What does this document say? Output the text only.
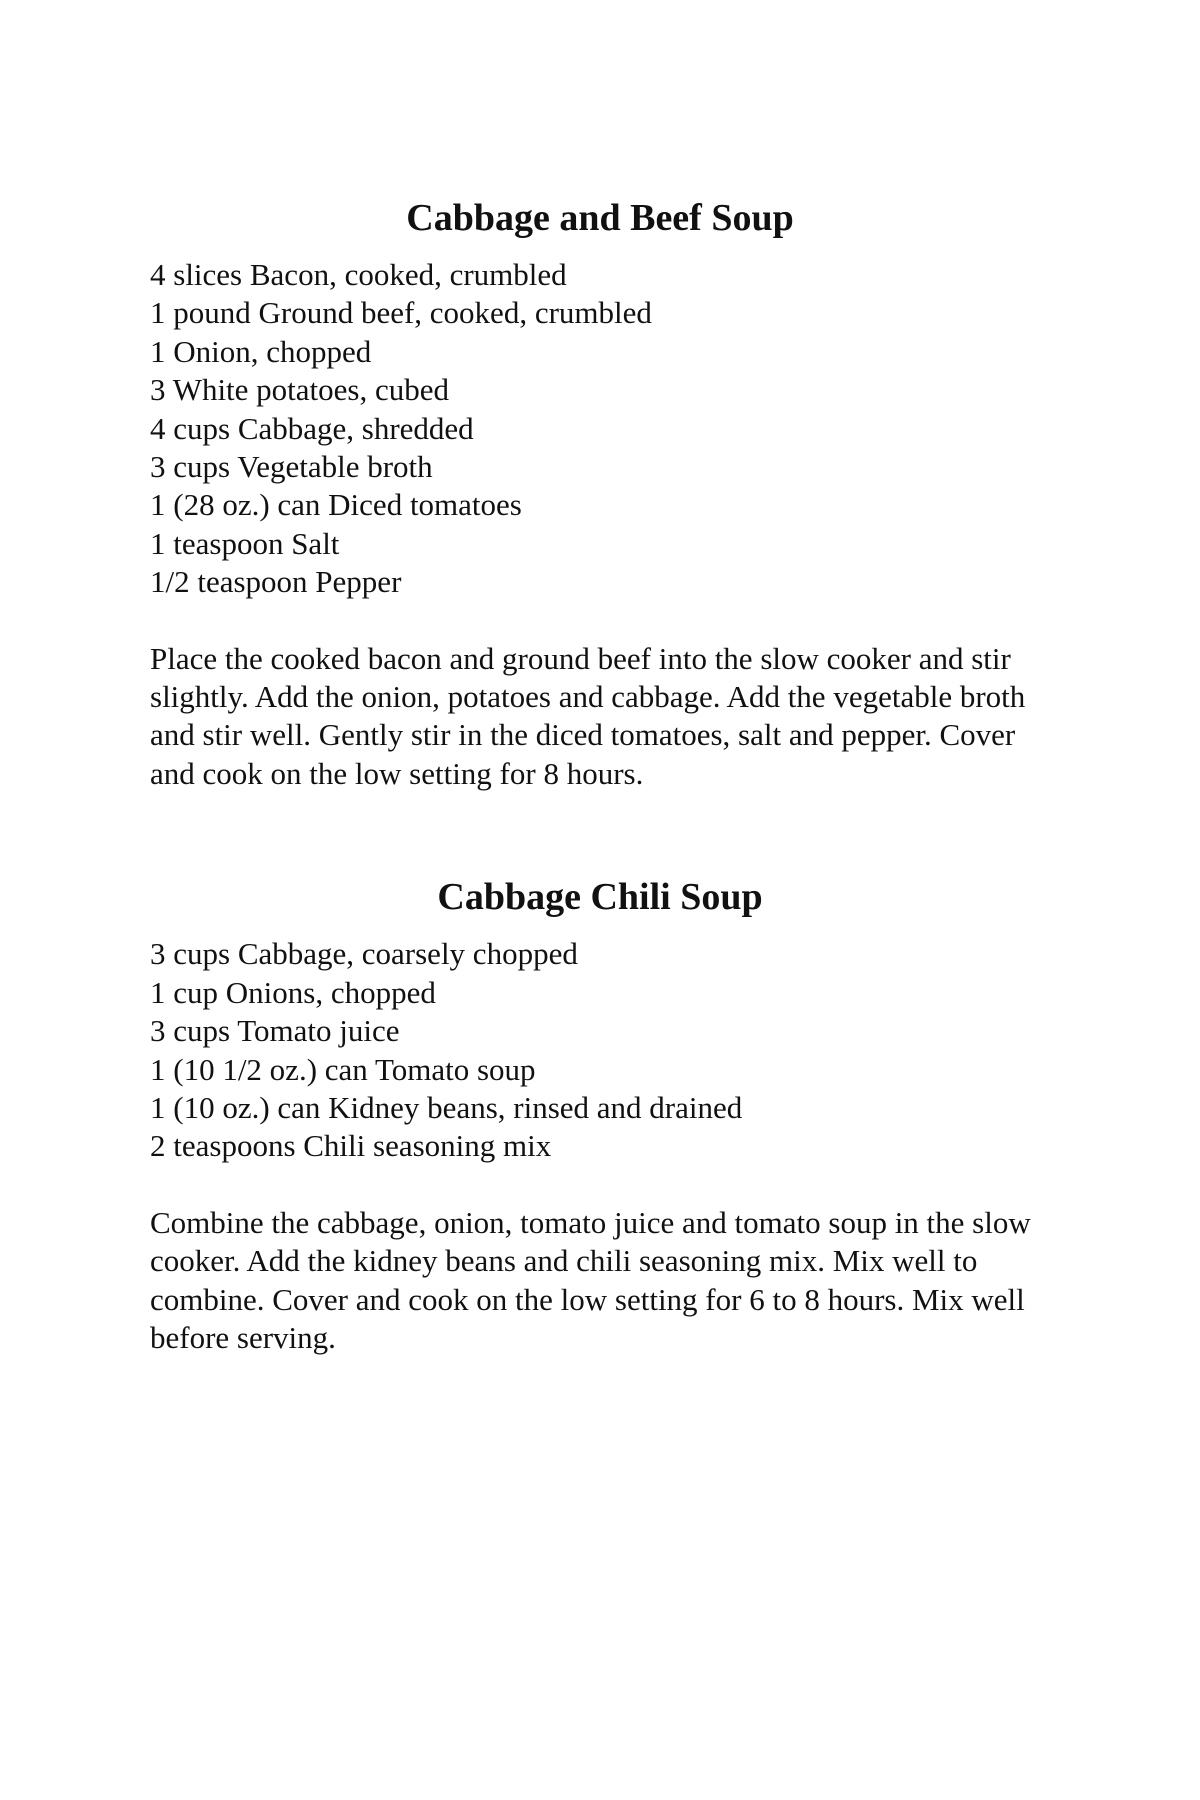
Cabbage and Beef Soup
4 slices Bacon, cooked, crumbled
1 pound Ground beef, cooked, crumbled
1 Onion, chopped
3 White potatoes, cubed
4 cups Cabbage, shredded
3 cups Vegetable broth
1 (28 oz.) can Diced tomatoes
1 teaspoon Salt
1/2 teaspoon Pepper

Place the cooked bacon and ground beef into the slow cooker and stir slightly. Add the onion, potatoes and cabbage. Add the vegetable broth and stir well. Gently stir in the diced tomatoes, salt and pepper. Cover and cook on the low setting for 8 hours.

Cabbage Chili Soup
3 cups Cabbage, coarsely chopped
1 cup Onions, chopped
3 cups Tomato juice
1 (10 1/2 oz.) can Tomato soup
1 (10 oz.) can Kidney beans, rinsed and drained
2 teaspoons Chili seasoning mix

Combine the cabbage, onion, tomato juice and tomato soup in the slow cooker. Add the kidney beans and chili seasoning mix. Mix well to combine. Cover and cook on the low setting for 6 to 8 hours. Mix well before serving.
